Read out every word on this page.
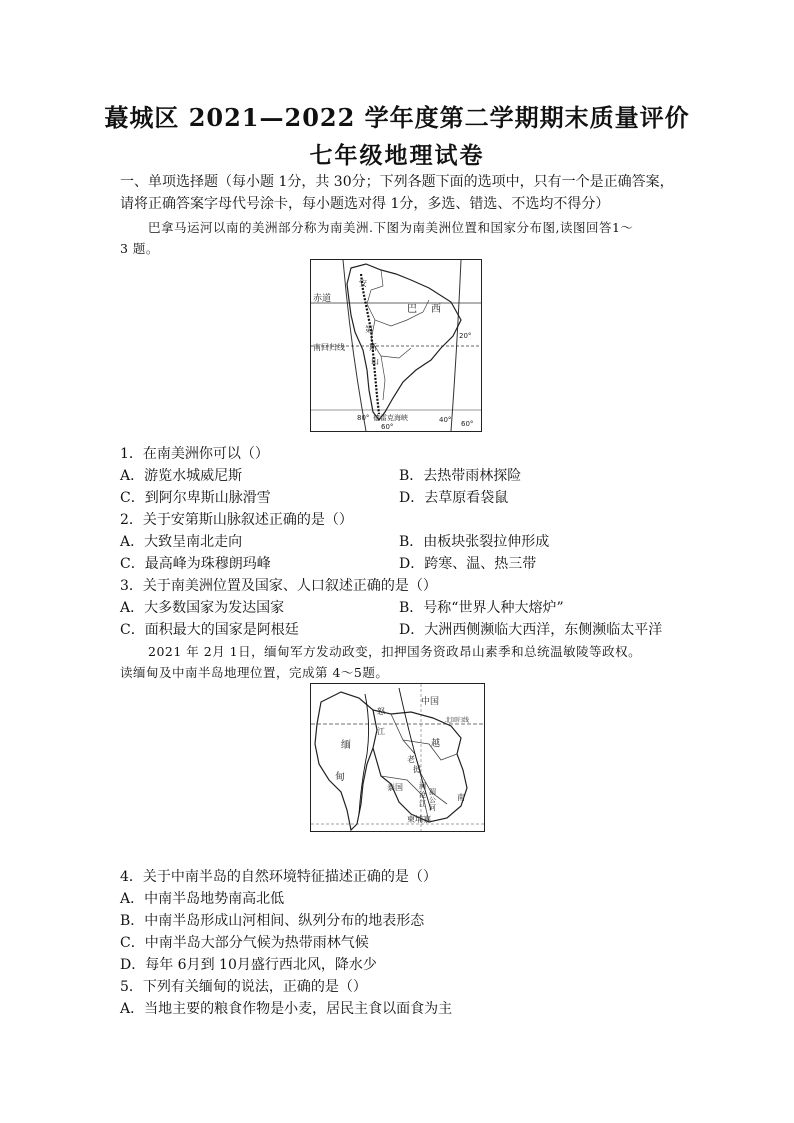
蕞城区 2021—2022 学年度第二学期期末质量评价
七年级地理试卷
一、单项选择题（每小题 1分，共 30分；下列各题下面的选项中，只有一个是正确答案，
请将正确答案字母代号涂卡，每小题选对得 1分，多选、错选、不选均不得分）
巴拿马运河以南的美洲部分称为南美洲.下图为南美洲位置和国家分布图,读图回答1～
3 题。
赤道
南回归线
巴 西
安
第
斯
山
20°
80° 德雷克海峡
60°
40° 60°
1．在南美洲你可以（）
A．游览水城威尼斯	B．去热带雨林探险
C．到阿尔卑斯山脉滑雪	D．去草原看袋鼠
2．关于安第斯山脉叙述正确的是（）
A．大致呈南北走向	B．由板块张裂拉伸形成
C．最高峰为珠穆朗玛峰	D．跨寒、温、热三带
3．关于南美洲位置及国家、人口叙述正确的是（）
A．大多数国家为发达国家	B．号称“世界人种大熔炉”
C．面积最大的国家是阿根廷	D．大洲西侧濒临大西洋，东侧濒临太平洋
2021 年 2月 1日，缅甸军方发动政变，扣押国务资政昂山素季和总统温敏陵等政权。
读缅甸及中南半岛地理位置，完成第 4～5题。
中国
缅
甸
怒
江
越
老
挝
泰国 澜
沧
江
湄
公
河
南
柬埔寨
北回归线
4．关于中南半岛的自然环境特征描述正确的是（）
A．中南半岛地势南高北低
B．中南半岛形成山河相间、纵列分布的地表形态
C．中南半岛大部分气候为热带雨林气候
D．每年 6月到 10月盛行西北风，降水少
5．下列有关缅甸的说法，正确的是（）
A．当地主要的粮食作物是小麦，居民主食以面食为主
